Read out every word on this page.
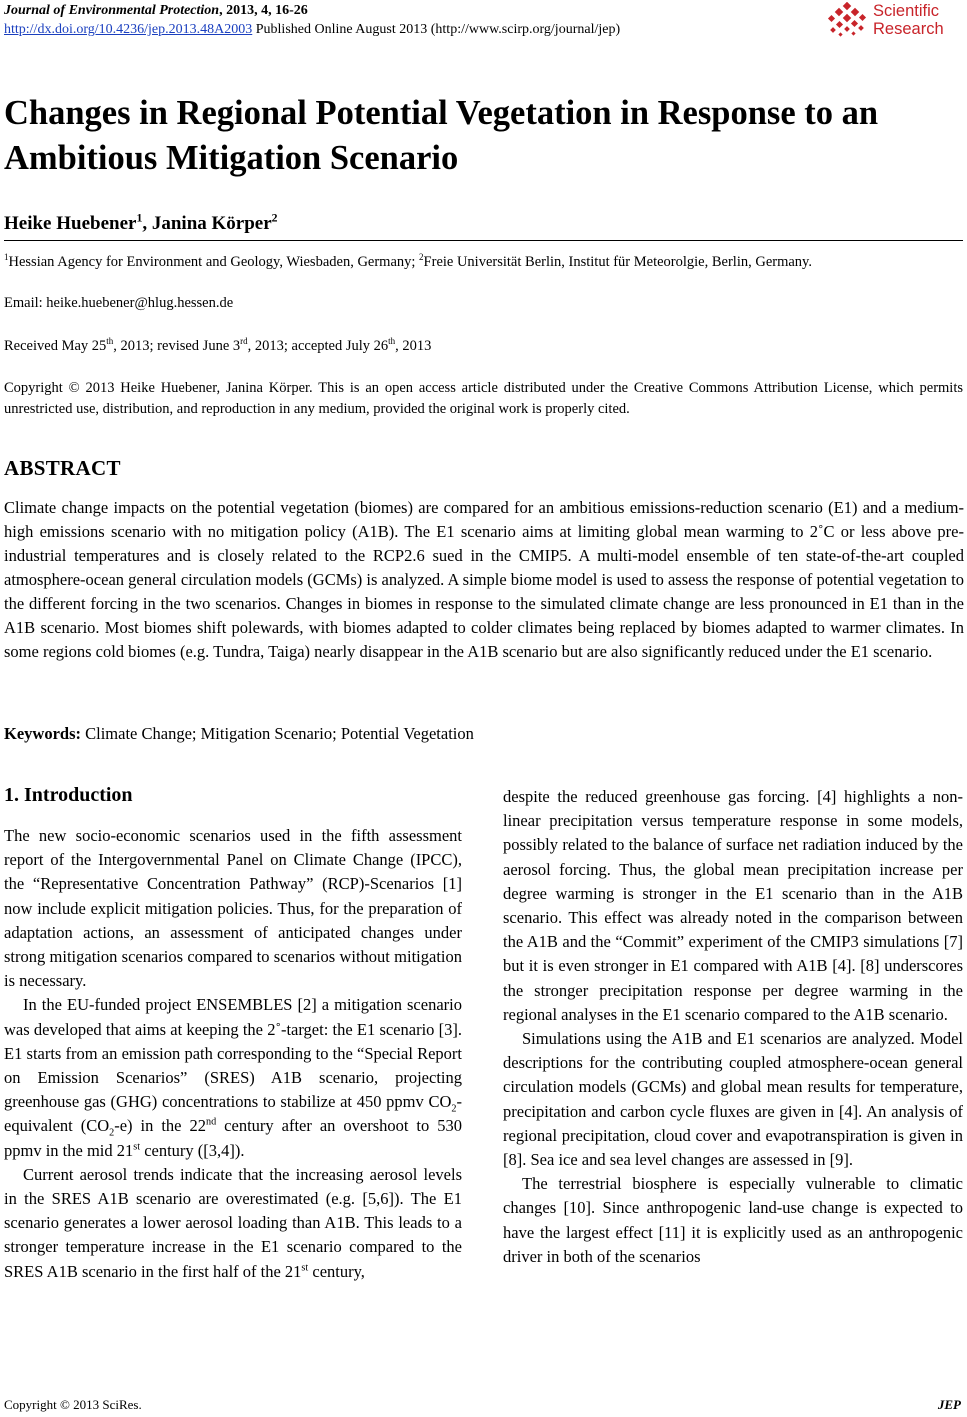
Journal of Environmental Protection, 2013, 4, 16-26
http://dx.doi.org/10.4236/jep.2013.48A2003 Published Online August 2013 (http://www.scirp.org/journal/jep)
Scientific
Research
Changes in Regional Potential Vegetation in Response to an Ambitious Mitigation Scenario
Heike Huebener$^1$, Janina Körper$^2$
$^1$Hessian Agency for Environment and Geology, Wiesbaden, Germany; $^2$Freie Universität Berlin, Institut für Meteorolgie, Berlin, Germany.
Email: heike.huebener@hlug.hessen.de
Received May 25th, 2013; revised June 3rd, 2013; accepted July 26th, 2013
Copyright © 2013 Heike Huebener, Janina Körper. This is an open access article distributed under the Creative Commons Attribution License, which permits unrestricted use, distribution, and reproduction in any medium, provided the original work is properly cited.
ABSTRACT
Climate change impacts on the potential vegetation (biomes) are compared for an ambitious emissions-reduction scenario (E1) and a medium-high emissions scenario with no mitigation policy (A1B). The E1 scenario aims at limiting global mean warming to 2˚C or less above pre-industrial temperatures and is closely related to the RCP2.6 sued in the CMIP5. A multi-model ensemble of ten state-of-the-art coupled atmosphere-ocean general circulation models (GCMs) is analyzed. A simple biome model is used to assess the response of potential vegetation to the different forcing in the two scenarios. Changes in biomes in response to the simulated climate change are less pronounced in E1 than in the A1B scenario. Most biomes shift polewards, with biomes adapted to colder climates being replaced by biomes adapted to warmer climates. In some regions cold biomes (e.g. Tundra, Taiga) nearly disappear in the A1B scenario but are also significantly reduced under the E1 scenario.
Keywords: Climate Change; Mitigation Scenario; Potential Vegetation
1. Introduction

The new socio-economic scenarios used in the fifth assessment report of the Intergovernmental Panel on Climate Change (IPCC), the “Representative Concentration Pathway” (RCP)-Scenarios [1] now include explicit mitigation policies. Thus, for the preparation of adaptation actions, an assessment of anticipated changes under strong mitigation scenarios compared to scenarios without mitigation is necessary.

In the EU-funded project ENSEMBLES [2] a mitigation scenario was developed that aims at keeping the 2˚-target: the E1 scenario [3]. E1 starts from an emission path corresponding to the “Special Report on Emission Scenarios” (SRES) A1B scenario, projecting greenhouse gas (GHG) concentrations to stabilize at 450 ppmv $CO_2$-equivalent $(CO_2-e)$ in the 22nd century after an overshoot to 530 ppmv in the mid 21st century ([3,4]).

Current aerosol trends indicate that the increasing aerosol levels in the SRES A1B scenario are overestimated (e.g. [5,6]). The E1 scenario generates a lower aerosol loading than A1B. This leads to a stronger temperature increase in the E1 scenario compared to the SRES A1B scenario in the first half of the 21st century,

despite the reduced greenhouse gas forcing. [4] highlights a non-linear precipitation versus temperature response in some models, possibly related to the balance of surface net radiation induced by the aerosol forcing. Thus, the global mean precipitation increase per degree warming is stronger in the E1 scenario than in the A1B scenario. This effect was already noted in the comparison between the A1B and the “Commit” experiment of the CMIP3 simulations [7] but it is even stronger in E1 compared with A1B [4]. [8] underscores the stronger precipitation response per degree warming in the regional analyses in the E1 scenario compared to the A1B scenario.

Simulations using the A1B and E1 scenarios are analyzed. Model descriptions for the contributing coupled atmosphere-ocean general circulation models (GCMs) and global mean results for temperature, precipitation and carbon cycle fluxes are given in [4]. An analysis of regional precipitation, cloud cover and evapotranspiration is given in [8]. Sea ice and sea level changes are assessed in [9].

The terrestrial biosphere is especially vulnerable to climatic changes [10]. Since anthropogenic land-use change is expected to have the largest effect [11] it is explicitly used as an anthropogenic driver in both of the scenarios

Copyright © 2013 SciRes.	JEP
